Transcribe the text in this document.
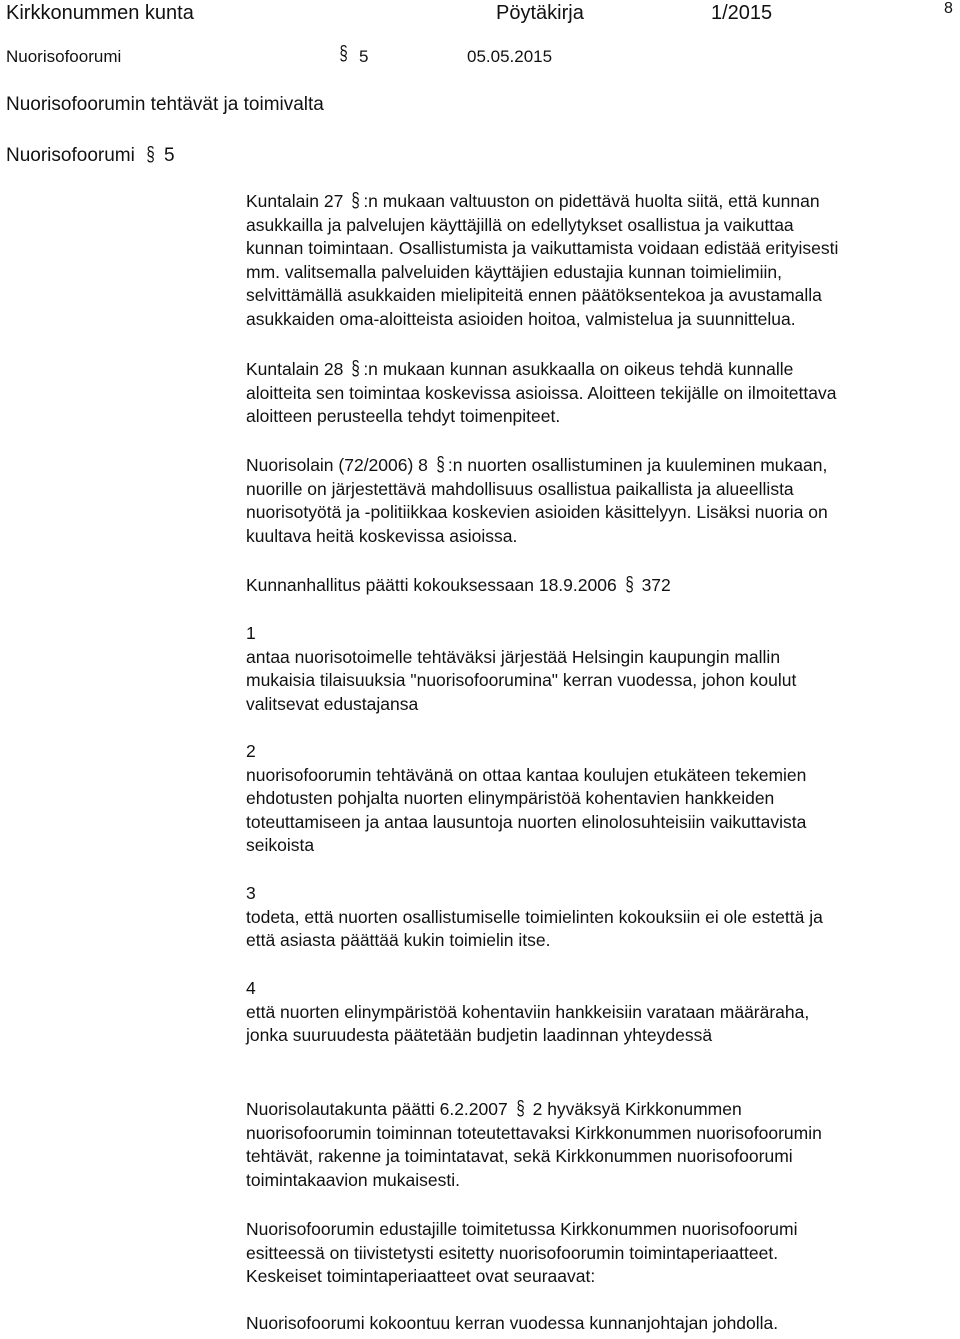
Kirkkonummen kunta	Pöytäkirja	1/2015	8
Nuorisofoorumi	§ 5	05.05.2015
Nuorisofoorumin tehtävät ja toimivalta
Nuorisofoorumi § 5

Kuntalain 27 § :n mukaan valtuuston on pidettävä huolta siitä, että kunnan

asukkailla ja palvelujen käyttäjillä on edellytykset osallistua ja vaikuttaa

kunnan toimintaan. Osallistumista ja vaikuttamista voidaan edistää erityisesti

mm. valitsemalla palveluiden käyttäjien edustajia kunnan toimielimiin,

selvittämällä asukkaiden mielipiteitä ennen päätöksentekoa ja avustamalla

asukkaiden oma-aloitteista asioiden hoitoa, valmistelua ja suunnittelua.

Kuntalain 28 § :n mukaan kunnan asukkaalla on oikeus tehdä kunnalle

aloitteita sen toimintaa koskevissa asioissa. Aloitteen tekijälle on ilmoitettava

aloitteen perusteella tehdyt toimenpiteet.

Nuorisolain (72/2006) 8 § :n nuorten osallistuminen ja kuuleminen mukaan,

nuorille on järjestettävä mahdollisuus osallistua paikallista ja alueellista

nuorisotyötä ja -politiikkaa koskevien asioiden käsittelyyn. Lisäksi nuoria on

kuultava heitä koskevissa asioissa.

Kunnanhallitus päätti kokouksessaan 18.9.2006 § 372

1

antaa nuorisotoimelle tehtäväksi järjestää Helsingin kaupungin mallin

mukaisia tilaisuuksia "nuorisofoorumina" kerran vuodessa, johon koulut

valitsevat edustajansa

2

nuorisofoorumin tehtävänä on ottaa kantaa koulujen etukäteen tekemien

ehdotusten pohjalta nuorten elinympäristöä kohentavien hankkeiden

toteuttamiseen ja antaa lausuntoja nuorten elinolosuhteisiin vaikuttavista

seikoista

3

todeta, että nuorten osallistumiselle toimielinten kokouksiin ei ole estettä ja

että asiasta päättää kukin toimielin itse.

4

että nuorten elinympäristöä kohentaviin hankkeisiin varataan määräraha,

jonka suuruudesta päätetään budjetin laadinnan yhteydessä

Nuorisolautakunta päätti 6.2.2007 § 2 hyväksyä Kirkkonummen

nuorisofoorumin toiminnan toteutettavaksi Kirkkonummen nuorisofoorumin

tehtävät, rakenne ja toimintatavat, sekä Kirkkonummen nuorisofoorumi

toimintakaavion mukaisesti.

Nuorisofoorumin edustajille toimitetussa Kirkkonummen nuorisofoorumi

esitteessä on tiivistetysti esitetty nuorisofoorumin toimintaperiaatteet.

Keskeiset toimintaperiaatteet ovat seuraavat:

Nuorisofoorumi kokoontuu kerran vuodessa kunnanjohtajan johdolla.
